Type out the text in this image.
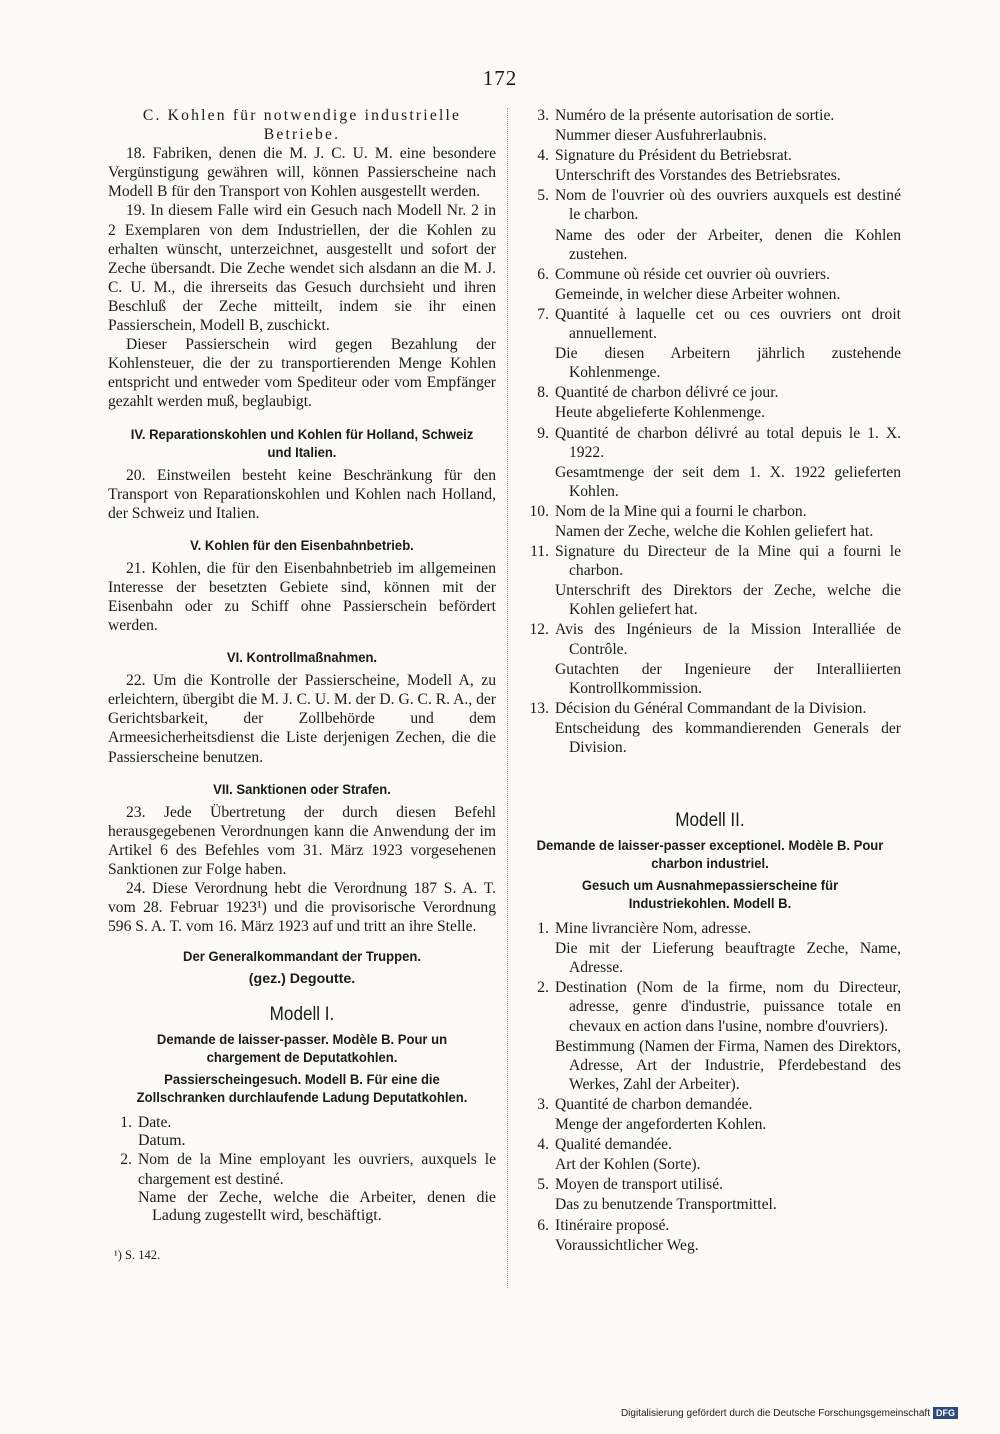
172

C. Kohlen für notwendige industrielle Betriebe.

18. Fabriken, denen die M. J. C. U. M. eine besondere Vergünstigung gewähren will, können Passierscheine nach Modell B für den Transport von Kohlen ausgestellt werden.

19. In diesem Falle wird ein Gesuch nach Modell Nr. 2 in 2 Exemplaren von dem Industriellen, der die Kohlen zu erhalten wünscht, unterzeichnet, ausgestellt und sofort der Zeche übersandt. Die Zeche wendet sich alsdann an die M. J. C. U. M., die ihrerseits das Gesuch durchsieht und ihren Beschluß der Zeche mitteilt, indem sie ihr einen Passierschein, Modell B, zuschickt.

Dieser Passierschein wird gegen Bezahlung der Kohlensteuer, die der zu transportierenden Menge Kohlen entspricht und entweder vom Spediteur oder vom Empfänger gezahlt werden muß, beglaubigt.

IV. Reparationskohlen und Kohlen für Holland, Schweiz und Italien.

20. Einstweilen besteht keine Beschränkung für den Transport von Reparationskohlen und Kohlen nach Holland, der Schweiz und Italien.

V. Kohlen für den Eisenbahnbetrieb.

21. Kohlen, die für den Eisenbahnbetrieb im allgemeinen Interesse der besetzten Gebiete sind, können mit der Eisenbahn oder zu Schiff ohne Passierschein befördert werden.

VI. Kontrollmaßnahmen.

22. Um die Kontrolle der Passierscheine, Modell A, zu erleichtern, übergibt die M. J. C. U. M. der D. G. C. R. A., der Gerichtsbarkeit, der Zollbehörde und dem Armeesicherheitsdienst die Liste derjenigen Zechen, die die Passierscheine benutzen.

VII. Sanktionen oder Strafen.

23. Jede Übertretung der durch diesen Befehl herausgegebenen Verordnungen kann die Anwendung der im Artikel 6 des Befehles vom 31. März 1923 vorgesehenen Sanktionen zur Folge haben.

24. Diese Verordnung hebt die Verordnung 187 S. A. T. vom 28. Februar 1923¹) und die provisorische Verordnung 596 S. A. T. vom 16. März 1923 auf und tritt an ihre Stelle.

Der Generalkommandant der Truppen.

(gez.) Degoutte.

Modell I.

Demande de laisser-passer. Modèle B. Pour un chargement de Deputatkohlen.

Passierscheingesuch. Modell B. Für eine die Zollschranken durchlaufende Ladung Deputatkohlen.

1. Date.
Datum.
2. Nom de la Mine employant les ouvriers, auxquels le chargement est destiné.
Name der Zeche, welche die Arbeiter, denen die Ladung zugestellt wird, beschäftigt.

¹) S. 142.

3. Numéro de la présente autorisation de sortie.
Nummer dieser Ausfuhrerlaubnis.
4. Signature du Président du Betriebsrat.
Unterschrift des Vorstandes des Betriebsrates.
5. Nom de l'ouvrier où des ouvriers auxquels est destiné le charbon.
Name des oder der Arbeiter, denen die Kohlen zustehen.
6. Commune où réside cet ouvrier où ouvriers.
Gemeinde, in welcher diese Arbeiter wohnen.
7. Quantité à laquelle cet ou ces ouvriers ont droit annuellement.
Die diesen Arbeitern jährlich zustehende Kohlenmenge.
8. Quantité de charbon délivré ce jour.
Heute abgelieferte Kohlenmenge.
9. Quantité de charbon délivré au total depuis le 1. X. 1922.
Gesamtmenge der seit dem 1. X. 1922 gelieferten Kohlen.
10. Nom de la Mine qui a fourni le charbon.
Namen der Zeche, welche die Kohlen geliefert hat.
11. Signature du Directeur de la Mine qui a fourni le charbon.
Unterschrift des Direktors der Zeche, welche die Kohlen geliefert hat.
12. Avis des Ingénieurs de la Mission Interalliée de Contrôle.
Gutachten der Ingenieure der Interalliierten Kontrollkommission.
13. Décision du Général Commandant de la Division.
Entscheidung des kommandierenden Generals der Division.

Modell II.

Demande de laisser-passer exceptionel. Modèle B. Pour charbon industriel.

Gesuch um Ausnahmepassierscheine für Industriekohlen. Modell B.

1. Mine livrancière Nom, adresse.
Die mit der Lieferung beauftragte Zeche, Name, Adresse.
2. Destination (Nom de la firme, nom du Directeur, adresse, genre d'industrie, puissance totale en chevaux en action dans l'usine, nombre d'ouvriers).
Bestimmung (Namen der Firma, Namen des Direktors, Adresse, Art der Industrie, Pferdebestand des Werkes, Zahl der Arbeiter).
3. Quantité de charbon demandée.
Menge der angeforderten Kohlen.
4. Qualité demandée.
Art der Kohlen (Sorte).
5. Moyen de transport utilisé.
Das zu benutzende Transportmittel.
6. Itinéraire proposé.
Voraussichtlicher Weg.
Digitalisierung gefördert durch die Deutsche Forschungsgemeinschaft DFG
